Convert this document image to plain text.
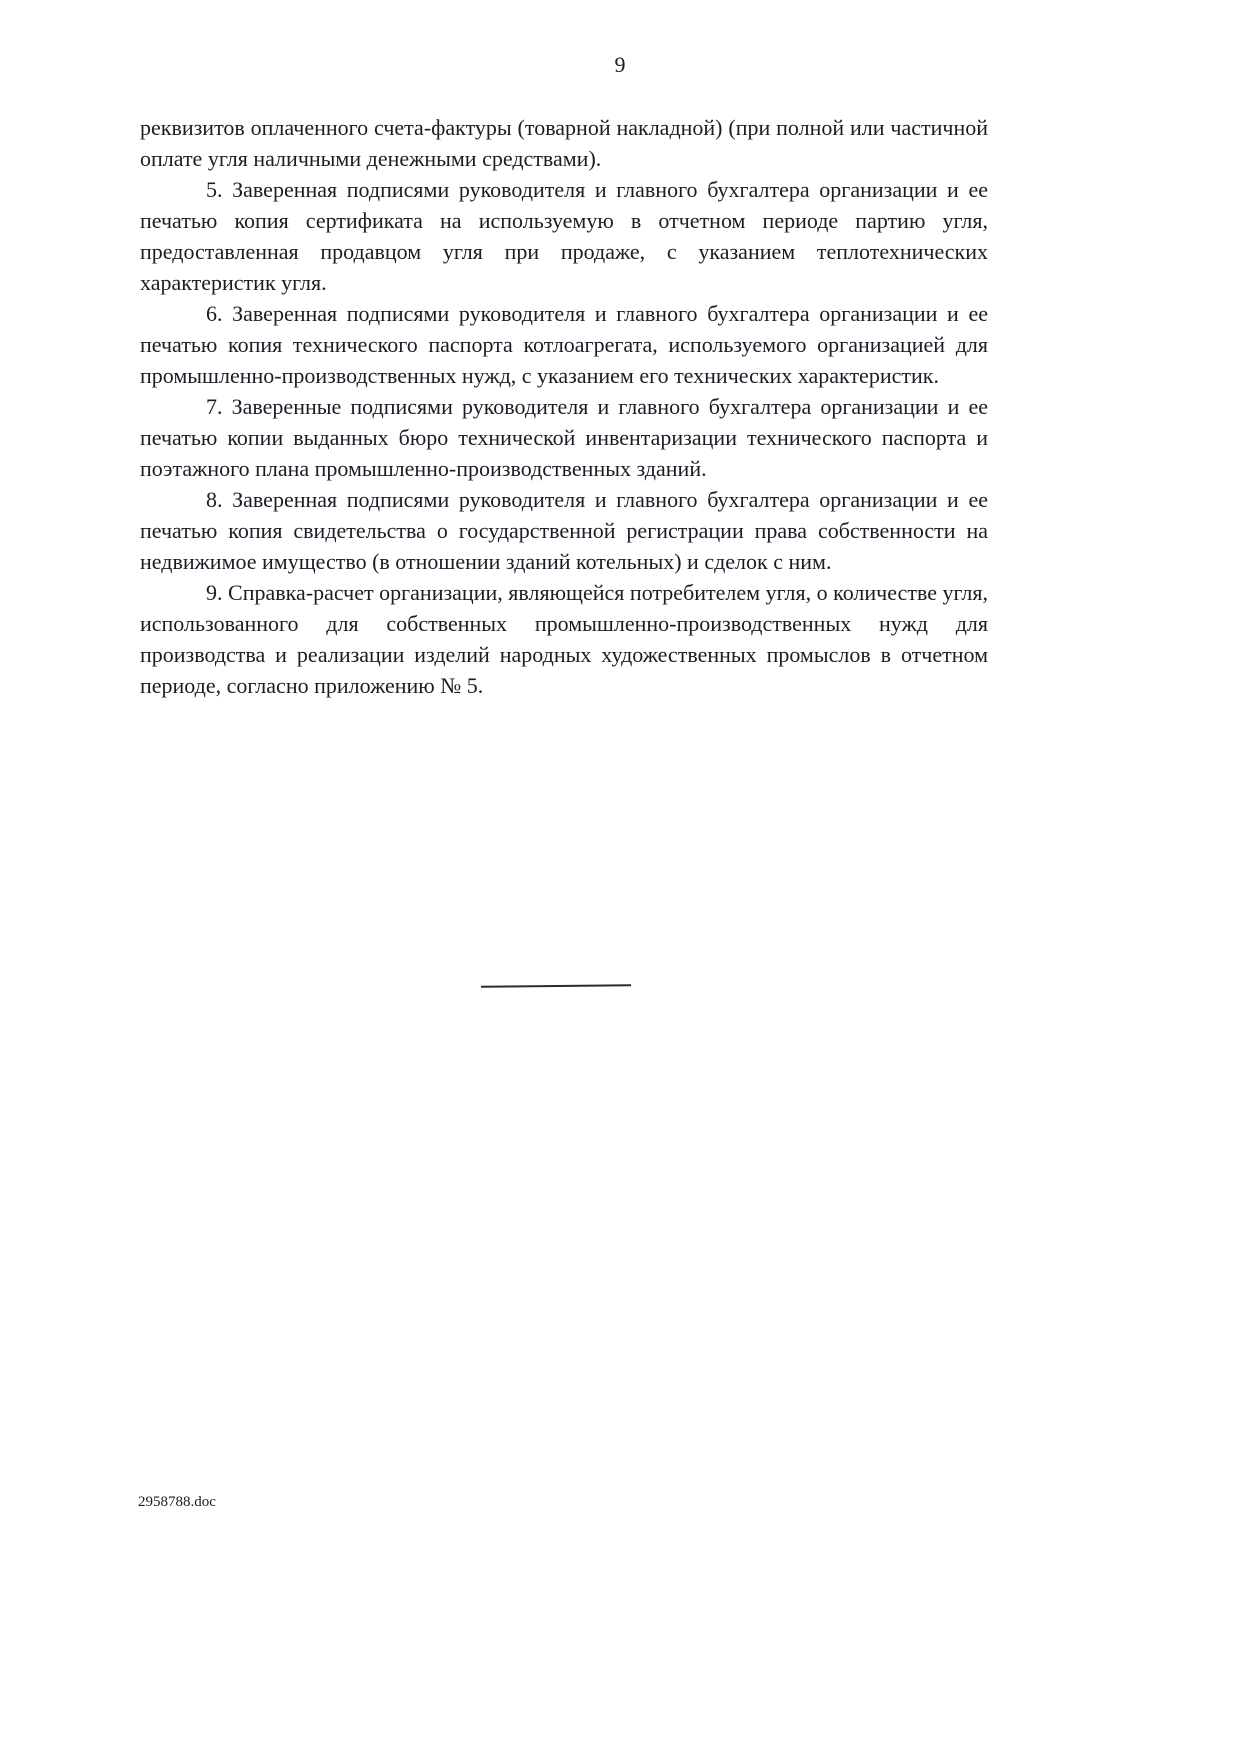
9

реквизитов оплаченного счета-фактуры (товарной накладной) (при полной или частичной оплате угля наличными денежными средствами).

5. Заверенная подписями руководителя и главного бухгалтера организации и ее печатью копия сертификата на используемую в отчетном периоде партию угля, предоставленная продавцом угля при продаже, с указанием теплотехнических характеристик угля.

6. Заверенная подписями руководителя и главного бухгалтера организации и ее печатью копия технического паспорта котлоагрегата, используемого организацией для промышленно-производственных нужд, с указанием его технических характеристик.

7. Заверенные подписями руководителя и главного бухгалтера организации и ее печатью копии выданных бюро технической инвентаризации технического паспорта и поэтажного плана промышленно-производственных зданий.

8. Заверенная подписями руководителя и главного бухгалтера организации и ее печатью копия свидетельства о государственной регистрации права собственности на недвижимое имущество (в отношении зданий котельных) и сделок с ним.

9. Справка-расчет организации, являющейся потребителем угля, о количестве угля, использованного для собственных промышленно-производственных нужд для производства и реализации изделий народных художественных промыслов в отчетном периоде, согласно приложению № 5.

2958788.doc
